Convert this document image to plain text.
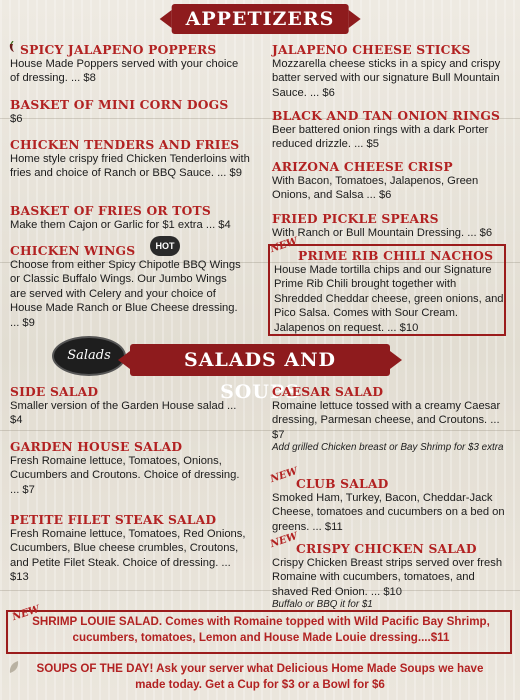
APPETIZERS
SPICY JALAPENO POPPERS
House Made Poppers served with your choice of dressing. ... $8
BASKET OF MINI CORN DOGS
$6
CHICKEN TENDERS AND FRIES
Home style crispy fried Chicken Tenderloins with fries and choice of Ranch or BBQ Sauce. ... $9
BASKET OF FRIES OR TOTS
Make them Cajon or Garlic for $1 extra ... $4
CHICKEN WINGS
Choose from either Spicy Chipotle BBQ Wings or Classic Buffalo Wings. Our Jumbo Wings are served with Celery and your choice of House Made Ranch or Blue Cheese dressing. ... $9
HOT
JALAPENO CHEESE STICKS
Mozzarella cheese sticks in a spicy and crispy batter served with our signature Bull Mountain Sauce. ... $6
BLACK AND TAN ONION RINGS
Beer battered onion rings with a dark Porter reduced drizzle. ... $5
ARIZONA CHEESE CRISP
With Bacon, Tomatoes, Jalapenos, Green Onions, and Salsa ... $6
FRIED PICKLE SPEARS
With Ranch or Bull Mountain Dressing. ... $6
NEW
PRIME RIB CHILI NACHOS
House Made tortilla chips and our Signature Prime Rib Chili brought together with Shredded Cheddar cheese, green onions, and Pico Salsa. Comes with Sour Cream. Jalapenos on request. ... $10
Salads	SALADS AND SOUPS
SIDE SALAD
Smaller version of the Garden House salad ... $4
GARDEN HOUSE SALAD
Fresh Romaine lettuce, Tomatoes, Onions, Cucumbers and Croutons. Choice of dressing. ... $7
PETITE FILET STEAK SALAD
Fresh Romaine lettuce, Tomatoes, Red Onions, Cucumbers, Blue cheese crumbles, Croutons, and Petite Filet Steak. Choice of dressing. ... $13
CAESAR SALAD
Romaine lettuce tossed with a creamy Caesar dressing, Parmesan cheese, and Croutons. ... $7
Add grilled Chicken breast or Bay Shrimp for $3 extra
NEW
CLUB SALAD
Smoked Ham, Turkey, Bacon, Cheddar-Jack Cheese, tomatoes and cucumbers on a bed on greens. ... $11
NEW
CRISPY CHICKEN SALAD
Crispy Chicken Breast strips served over fresh Romaine with cucumbers, tomatoes, and shaved Red Onion. ... $10
Buffalo or BBQ it for $1
NEW
SHRIMP LOUIE SALAD. Comes with Romaine topped with Wild Pacific Bay Shrimp, cucumbers, tomatoes, Lemon and House Made Louie dressing....$11
SOUPS OF THE DAY! Ask your server what Delicious Home Made Soups we have made today. Get a Cup for $3 or a Bowl for $6
